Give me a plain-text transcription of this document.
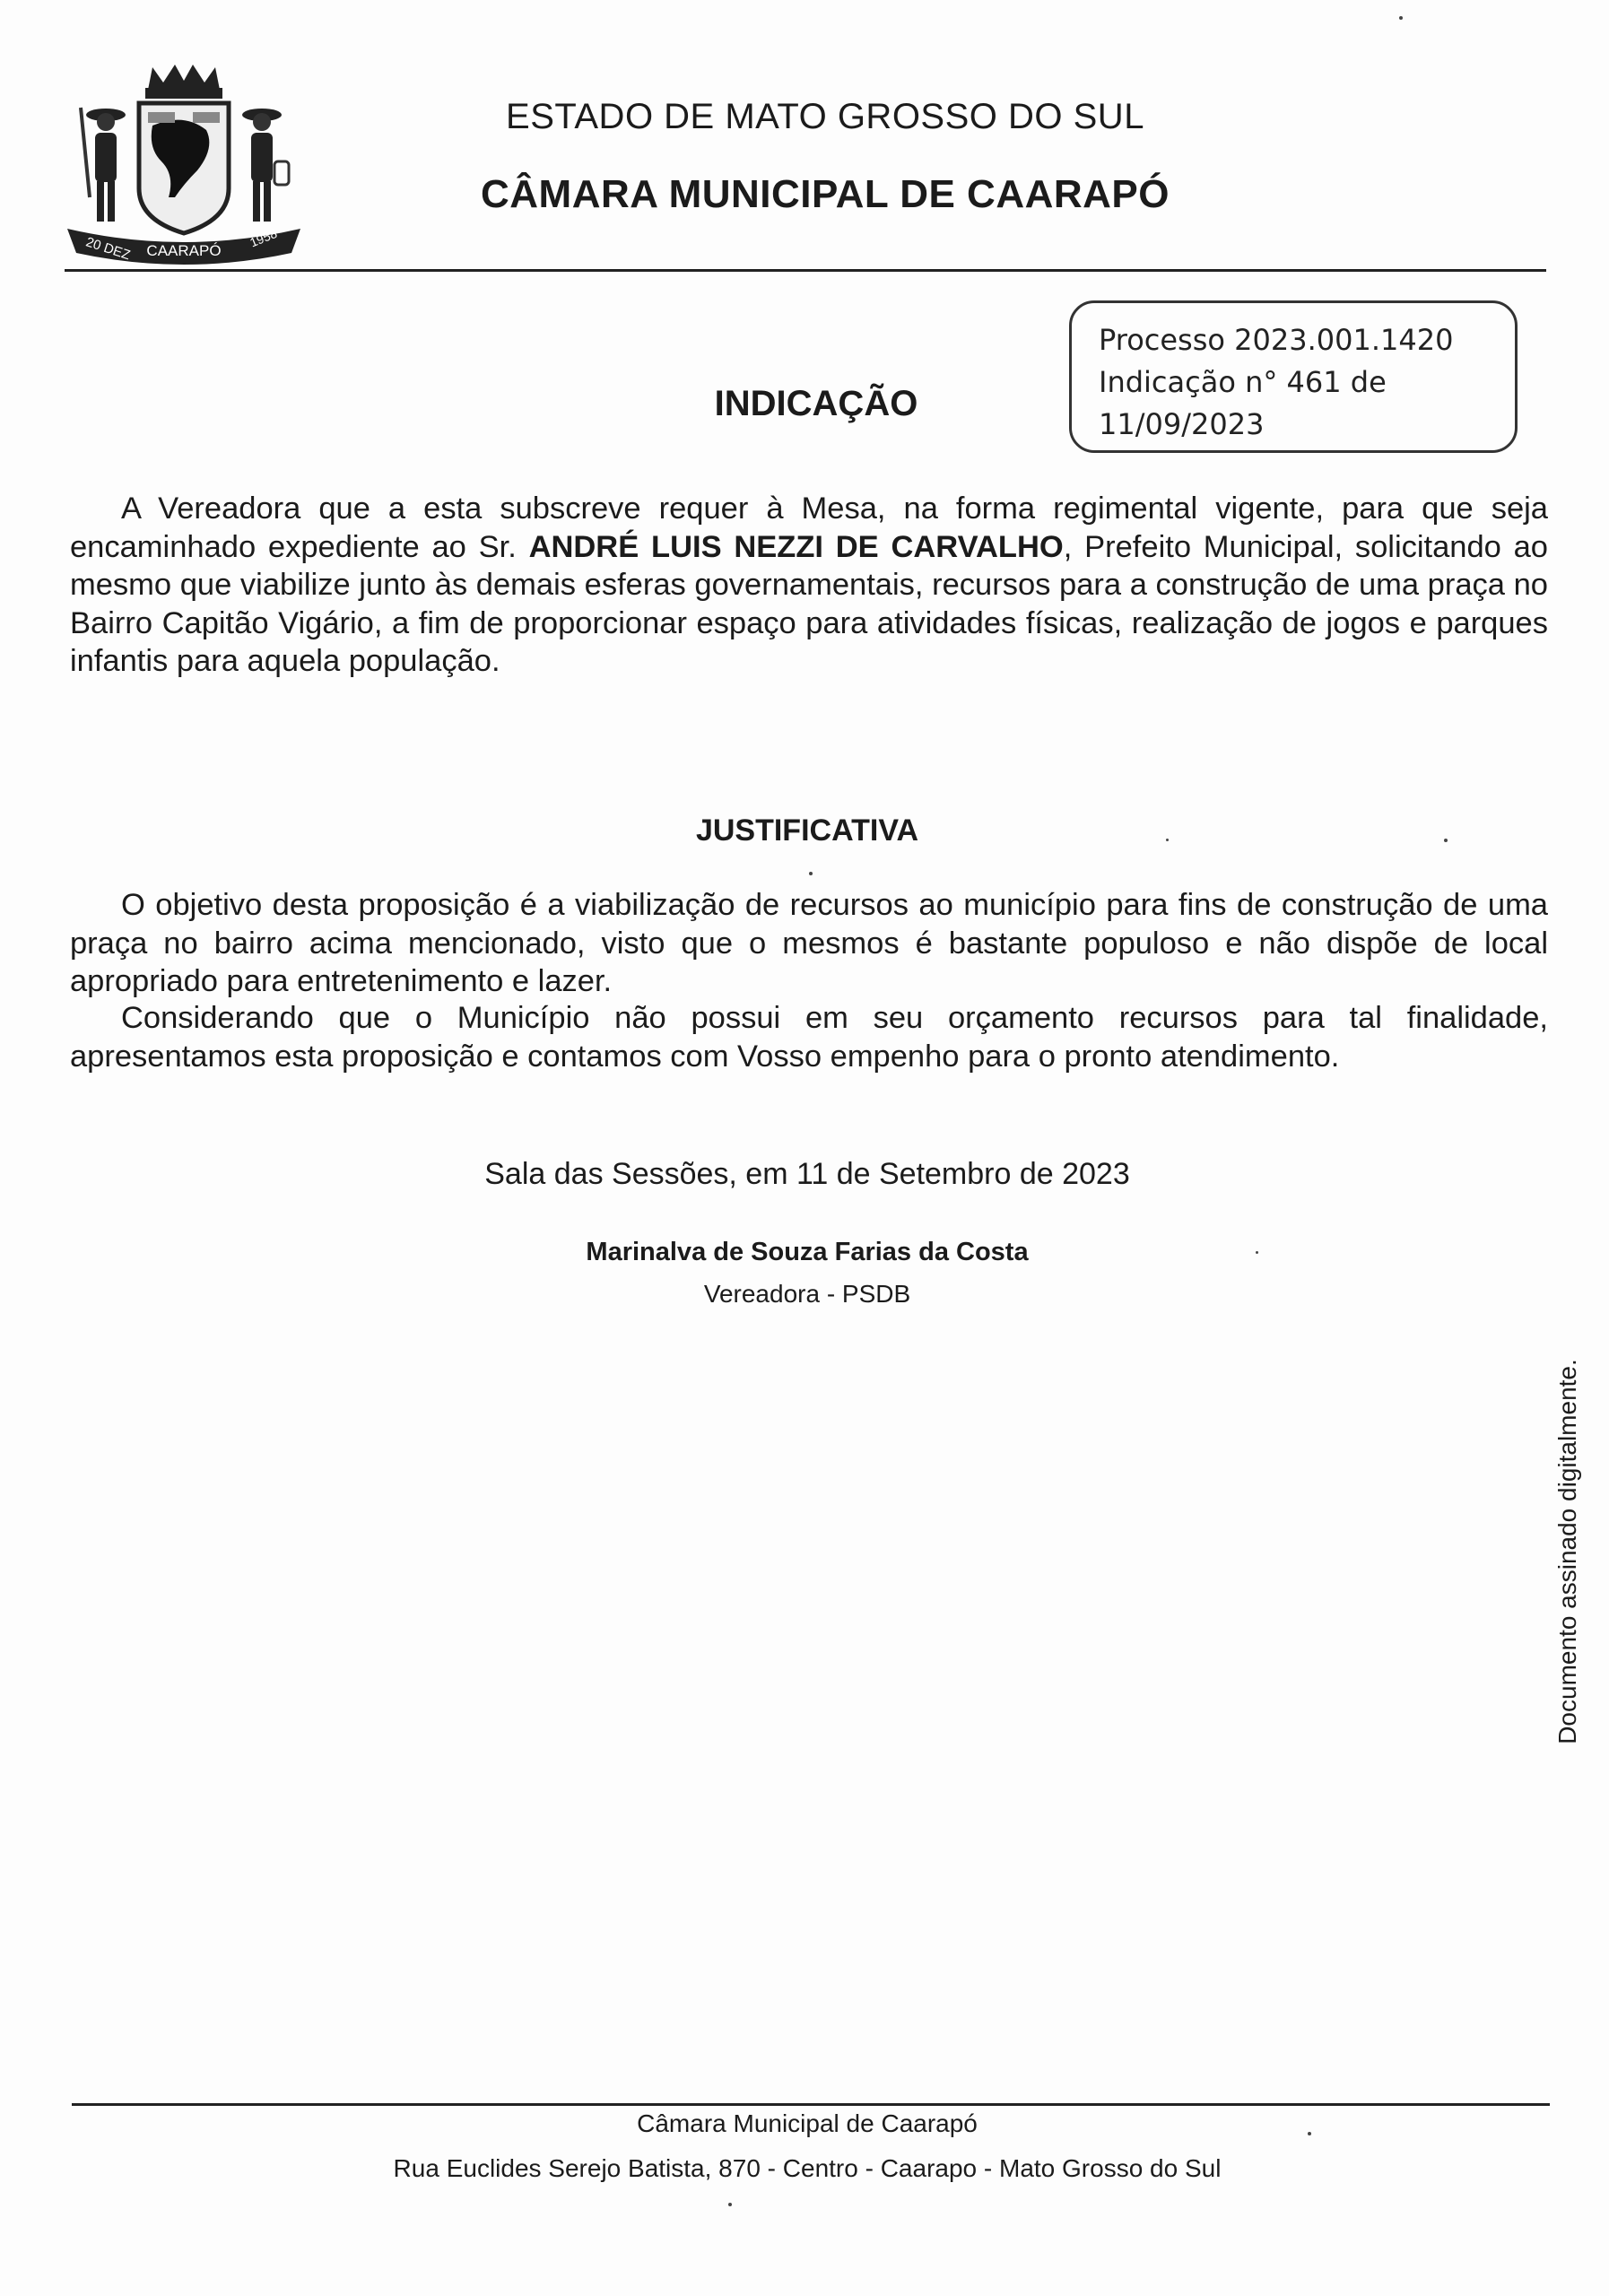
20 DEZ CAARAPÓ
1958
ESTADO DE MATO GROSSO DO SUL
CÂMARA MUNICIPAL DE CAARAPÓ
Processo 2023.001.1420
Indicação n° 461 de
11/09/2023
INDICAÇÃO
A Vereadora que a esta subscreve requer à Mesa, na forma regimental vigente, para que seja encaminhado expediente ao Sr. ANDRÉ LUIS NEZZI DE CARVALHO, Prefeito Municipal, solicitando ao mesmo que viabilize junto às demais esferas governamentais, recursos para a construção de uma praça no Bairro Capitão Vigário, a fim de proporcionar espaço para atividades físicas, realização de jogos e parques infantis para aquela população.
JUSTIFICATIVA
O objetivo desta proposição é a viabilização de recursos ao município para fins de construção de uma praça no bairro acima mencionado, visto que o mesmos é bastante populoso e não dispõe de local apropriado para entretenimento e lazer.
Considerando que o Município não possui em seu orçamento recursos para tal finalidade, apresentamos esta proposição e contamos com Vosso empenho para o pronto atendimento.
Sala das Sessões, em 11 de Setembro de 2023
Marinalva de Souza Farias da Costa
Vereadora - PSDB
Documento assinado digitalmente.
Câmara Municipal de Caarapó
Rua Euclides Serejo Batista, 870 - Centro - Caarapo - Mato Grosso do Sul
